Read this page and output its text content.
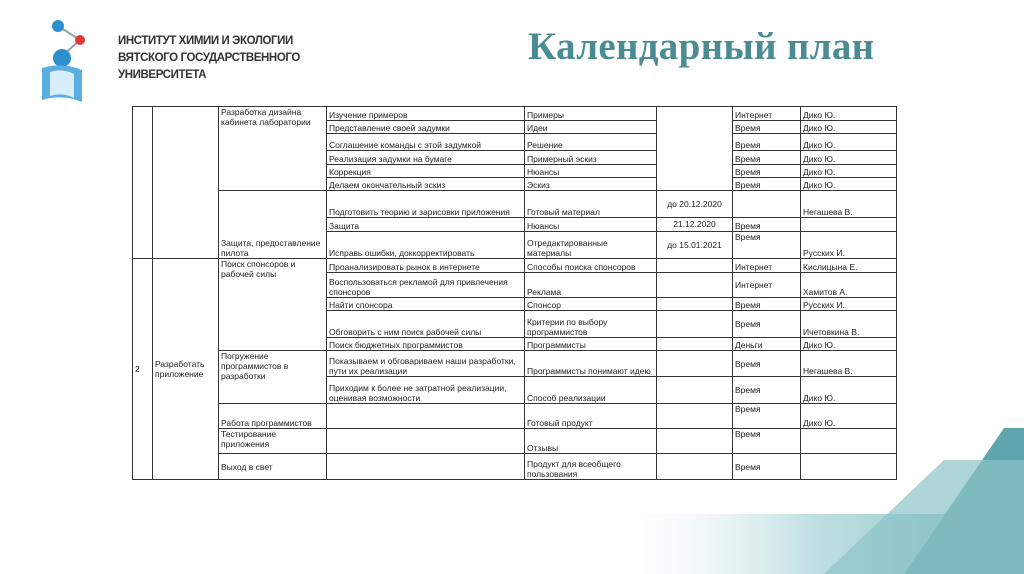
ИНСТИТУТ ХИМИИ И ЭКОЛОГИИ
ВЯТСКОГО ГОСУДАРСТВЕННОГО
УНИВЕРСИТЕТА
Календарный план
		Разработка дизайна кабинета лаборатории	Изучение примеров	Примеры		Интернет	Дико Ю.
			Представление своей задумки	Идеи		Время	Дико Ю.
			Соглашение команды с этой задумкой	Решение		Время	Дико Ю.
			Реализация задумки на бумаге	Примерный эскиз		Время	Дико Ю.
			Коррекция	Нюансы		Время	Дико Ю.
			Делаем окончательный эскиз	Эскиз		Время	Дико Ю.
		Защита, предоставление пилота	Подготовить теорию и зарисовки приложения	Готовый материал	до 20.12.2020		Негашева В.
			Защита	Нюансы	21.12.2020	Время	
			Исправь ошибки, доккорректировать	Отредактированные материалы	до 15.01.2021	Время	Русских И.
2	Разработать приложение	Поиск спонсоров и рабочей силы	Проанализировать рынок в интернете	Способы поиска спонсоров		Интернет	Кислицына Е.
			Воспользоваться рекламой для привлечения спонсоров	Реклама		Интернет	Хамитов А.
			Найти спонсора	Спонсор		Время	Русских И.
			Обговорить с ним поиск рабочей силы	Критерии по выбору программистов		Время	Ичетовкина В.
			Поиск бюджетных программистов	Программисты		Деньги	Дико Ю.
		Погружение программистов в разработки	Показываем и обговариваем наши разработки, пути их реализации	Программисты понимают идею		Время	Негашева В.
			Приходим к более не затратной реализации, оценивая возможности	Способ реализации		Время	Дико Ю.
		Работа программистов		Готовый продукт		Время	Дико Ю.
		Тестирование приложения		Отзывы		Время	
		Выход в свет		Продукт для всеобщего пользования		Время	
